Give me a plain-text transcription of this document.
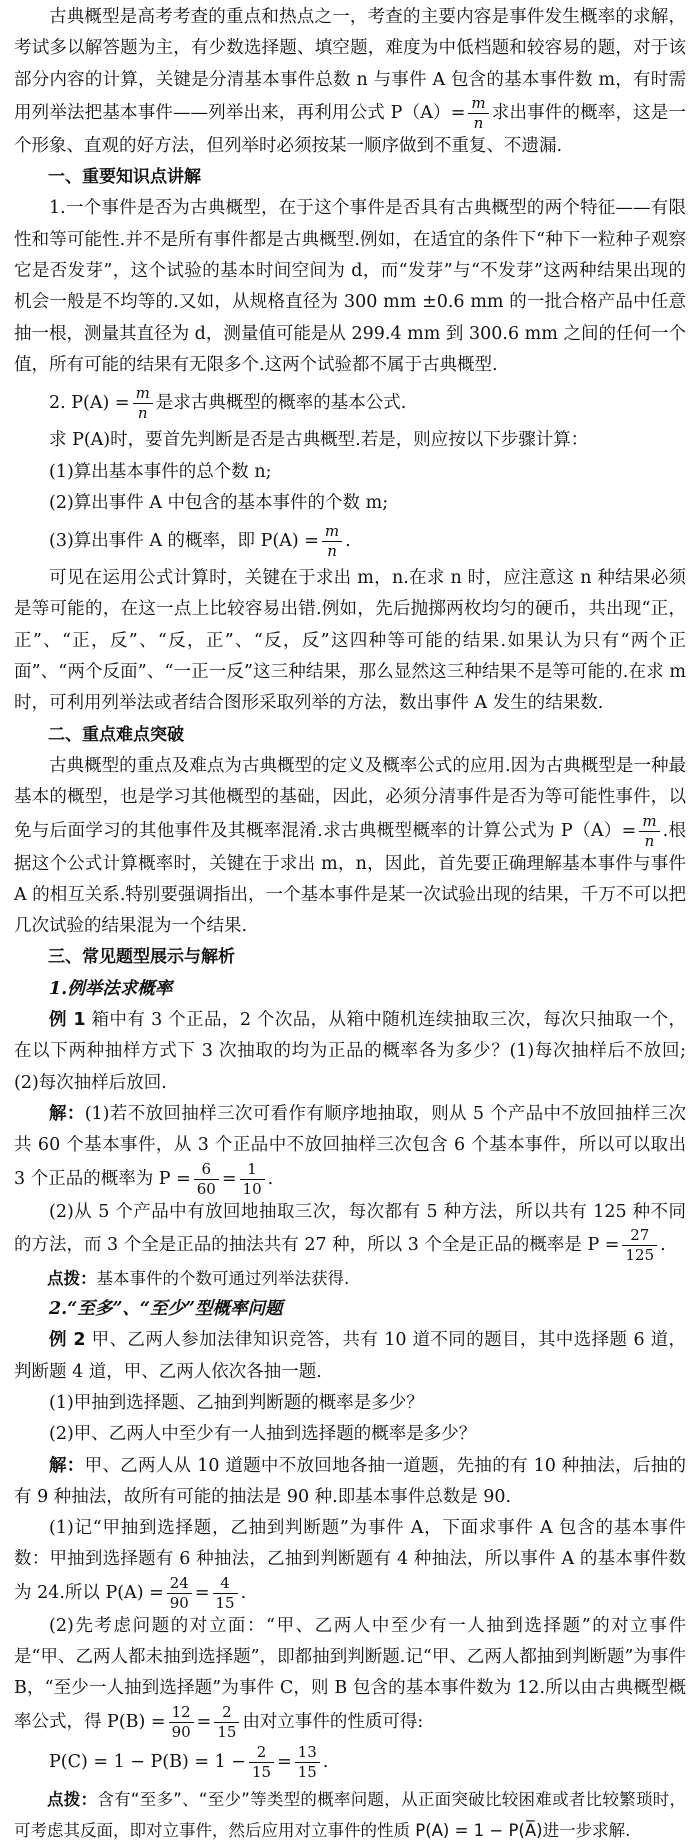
古典概型是高考考查的重点和热点之一，考查的主要内容是事件发生概率的求解，考试多以解答题为主，有少数选择题、填空题，难度为中低档题和较容易的题，对于该部分内容的计算，关键是分清基本事件总数 n 与事件 A 包含的基本事件数 m，有时需用列举法把基本事件——列举出来，再利用公式 $P(A)= \frac{m}{n}$ 求出事件的概率，这是一个形象、直观的好方法，但列举时必须按某一顺序做到不重复、不遗漏.

一、重要知识点讲解

1.一个事件是否为古典概型，在于这个事件是否具有古典概型的两个特征——有限性和等可能性.并不是所有事件都是古典概型.例如，在适宜的条件下“种下一粒种子观察它是否发芽”，这个试验的基本时间空间为 d，而“发芽”与“不发芽”这两种结果出现的机会一般是不均等的.又如，从规格直径为 300 mm ±0.6 mm 的一批合格产品中任意抽一根，测量其直径为 d，测量值可能是从 299.4 mm 到 300.6 mm 之间的任何一个值，所有可能的结果有无限多个.这两个试验都不属于古典概型.

2. $P(A) = \frac{m}{n}$ 是求古典概型的概率的基本公式.

求 P(A)时，要首先判断是否是古典概型.若是，则应按以下步骤计算：

(1)算出基本事件的总个数 n;

(2)算出事件 A 中包含的基本事件的个数 m;

(3)算出事件 A 的概率，即 $P(A) = \frac{m}{n}$ .

可见在运用公式计算时，关键在于求出 m，n.在求 n 时，应注意这 n 种结果必须是等可能的，在这一点上比较容易出错.例如，先后抛掷两枚均匀的硬币，共出现“正，正”、“正，反”、“反，正”、“反，反”这四种等可能的结果.如果认为只有“两个正面”、“两个反面”、“一正一反”这三种结果，那么显然这三种结果不是等可能的.在求 m 时，可利用列举法或者结合图形采取列举的方法，数出事件 A 发生的结果数.

二、重点难点突破

古典概型的重点及难点为古典概型的定义及概率公式的应用.因为古典概型是一种最基本的概型，也是学习其他概型的基础，因此，必须分清事件是否为等可能性事件，以免与后面学习的其他事件及其概率混淆.求古典概型概率的计算公式为 $P(A)= \frac{m}{n}$ .根据这个公式计算概率时，关键在于求出 m，n，因此，首先要正确理解基本事件与事件 A 的相互关系.特别要强调指出，一个基本事件是某一次试验出现的结果，千万不可以把几次试验的结果混为一个结果.

三、常见题型展示与解析

1.例举法求概率

例 1 箱中有 3 个正品，2 个次品，从箱中随机连续抽取三次，每次只抽取一个，在以下两种抽样方式下 3 次抽取的均为正品的概率各为多少？(1)每次抽样后不放回;(2)每次抽样后放回.

解：(1)若不放回抽样三次可看作有顺序地抽取，则从 5 个产品中不放回抽样三次共 60 个基本事件，从 3 个正品中不放回抽样三次包含 6 个基本事件，所以可以取出 3 个正品的概率为 $P = \frac{6}{60} = \frac{1}{10}$ .

(2)从 5 个产品中有放回地抽取三次，每次都有 5 种方法，所以共有 125 种不同的方法，而 3 个全是正品的抽法共有 27 种，所以 3 个全是正品的概率是 $P = \frac{27}{125}$ .

点拨：基本事件的个数可通过列举法获得.

2.“至多”、“至少”型概率问题

例 2 甲、乙两人参加法律知识竞答，共有 10 道不同的题目，其中选择题 6 道，判断题 4 道，甲、乙两人依次各抽一题.

(1)甲抽到选择题、乙抽到判断题的概率是多少？

(2)甲、乙两人中至少有一人抽到选择题的概率是多少？

解：甲、乙两人从 10 道题中不放回地各抽一道题，先抽的有 10 种抽法，后抽的有 9 种抽法，故所有可能的抽法是 90 种.即基本事件总数是 90.

(1)记“甲抽到选择题，乙抽到判断题”为事件 A，下面求事件 A 包含的基本事件数：甲抽到选择题有 6 种抽法，乙抽到判断题有 4 种抽法，所以事件 A 的基本事件数为 24.所以 $P(A) = \frac{24}{90} = \frac{4}{15}$ .

(2)先考虑问题的对立面：“甲、乙两人中至少有一人抽到选择题”的对立事件是“甲、乙两人都未抽到选择题”，即都抽到判断题.记“甲、乙两人都抽到判断题”为事件 B，“至少一人抽到选择题”为事件 C，则 B 包含的基本事件数为 12.所以由古典概型概率公式，得 $P(B) = \frac{12}{90} = \frac{2}{15}$ 由对立事件的性质可得:

$P(C) = 1 - P(B) = 1 - \frac{2}{15} = \frac{13}{15}$ .

点拨：含有“至多”、“至少”等类型的概率问题，从正面突破比较困难或者比较繁琐时，可考虑其反面，即对立事件，然后应用对立事件的性质 P(A) = 1 − P(A̅)进一步求解.
